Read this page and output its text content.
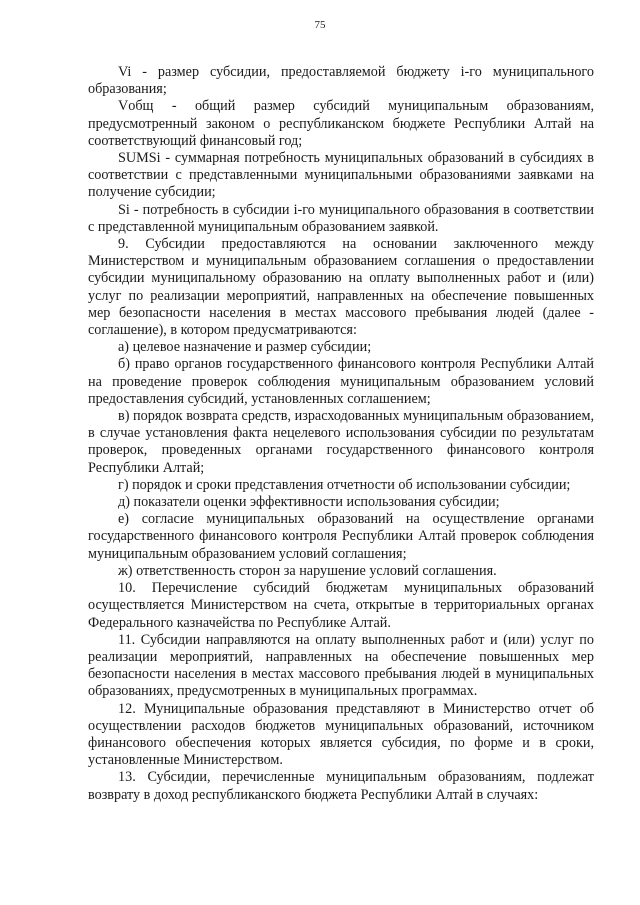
75

Vi - размер субсидии, предоставляемой бюджету i-го муниципального образования;

Vобщ - общий размер субсидий муниципальным образованиям, предусмотренный законом о республиканском бюджете Республики Алтай на соответствующий финансовый год;

SUMSi - суммарная потребность муниципальных образований в субсидиях в соответствии с представленными муниципальными образованиями заявками на получение субсидии;

Si - потребность в субсидии i-го муниципального образования в соответствии с представленной муниципальным образованием заявкой.

9. Субсидии предоставляются на основании заключенного между Министерством и муниципальным образованием соглашения о предоставлении субсидии муниципальному образованию на оплату выполненных работ и (или) услуг по реализации мероприятий, направленных на обеспечение повышенных мер безопасности населения в местах массового пребывания людей (далее - соглашение), в котором предусматриваются:

а) целевое назначение и размер субсидии;

б) право органов государственного финансового контроля Республики Алтай на проведение проверок соблюдения муниципальным образованием условий предоставления субсидий, установленных соглашением;

в) порядок возврата средств, израсходованных муниципальным образованием, в случае установления факта нецелевого использования субсидии по результатам проверок, проведенных органами государственного финансового контроля Республики Алтай;

г) порядок и сроки представления отчетности об использовании субсидии;

д) показатели оценки эффективности использования субсидии;

е) согласие муниципальных образований на осуществление органами государственного финансового контроля Республики Алтай проверок соблюдения муниципальным образованием условий соглашения;

ж) ответственность сторон за нарушение условий соглашения.

10. Перечисление субсидий бюджетам муниципальных образований осуществляется Министерством на счета, открытые в территориальных органах Федерального казначейства по Республике Алтай.

11. Субсидии направляются на оплату выполненных работ и (или) услуг по реализации мероприятий, направленных на обеспечение повышенных мер безопасности населения в местах массового пребывания людей в муниципальных образованиях, предусмотренных в муниципальных программах.

12. Муниципальные образования представляют в Министерство отчет об осуществлении расходов бюджетов муниципальных образований, источником финансового обеспечения которых является субсидия, по форме и в сроки, установленные Министерством.

13. Субсидии, перечисленные муниципальным образованиям, подлежат возврату в доход республиканского бюджета Республики Алтай в случаях:
